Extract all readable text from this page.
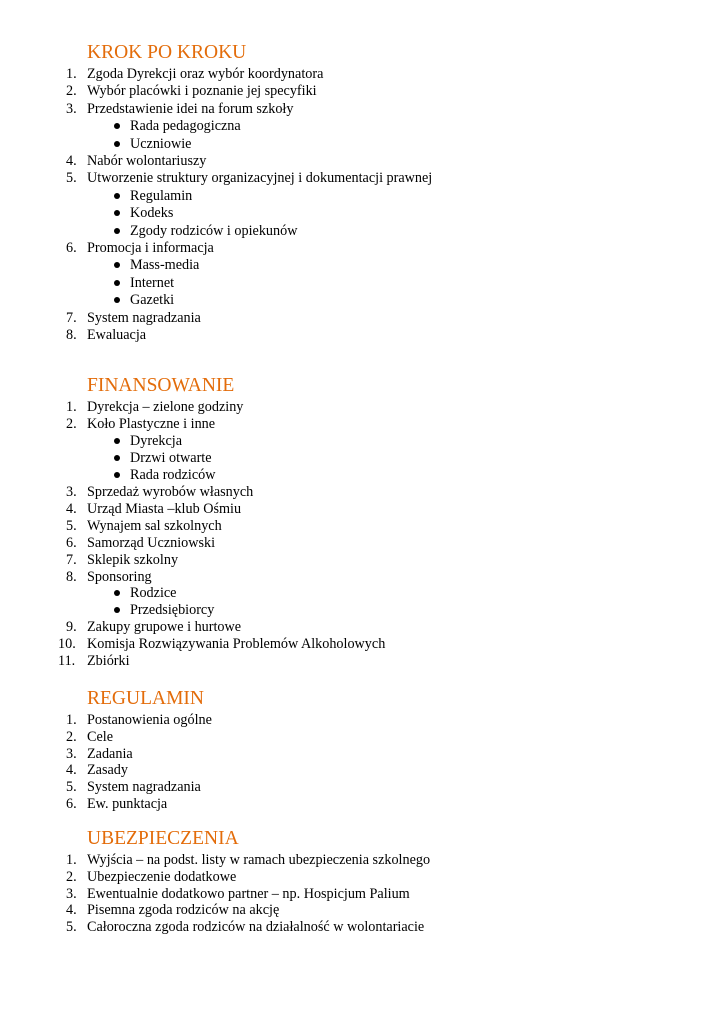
KROK PO KROKU
1. Zgoda Dyrekcji oraz wybór koordynatora
2. Wybór placówki i poznanie jej specyfiki
3. Przedstawienie idei na forum szkoły
Rada pedagogiczna
Uczniowie
4. Nabór wolontariuszy
5. Utworzenie struktury organizacyjnej i dokumentacji prawnej
Regulamin
Kodeks
Zgody rodziców i opiekunów
6. Promocja i informacja
Mass-media
Internet
Gazetki
7. System nagradzania
8. Ewaluacja
FINANSOWANIE
1. Dyrekcja – zielone godziny
2. Koło Plastyczne i inne
Dyrekcja
Drzwi otwarte
Rada rodziców
3. Sprzedaż wyrobów własnych
4. Urząd Miasta –klub Ośmiu
5. Wynajem sal szkolnych
6. Samorząd Uczniowski
7. Sklepik szkolny
8. Sponsoring
Rodzice
Przedsiębiorcy
9. Zakupy grupowe i hurtowe
10. Komisja Rozwiązywania Problemów Alkoholowych
11. Zbiórki
REGULAMIN
1. Postanowienia ogólne
2. Cele
3. Zadania
4. Zasady
5. System nagradzania
6. Ew. punktacja
UBEZPIECZENIA
1. Wyjścia – na podst. listy w ramach ubezpieczenia szkolnego
2. Ubezpieczenie dodatkowe
3. Ewentualnie dodatkowo partner – np. Hospicjum Palium
4. Pisemna zgoda rodziców na akcję
5. Całoroczna zgoda rodziców na działalność w wolontariacie
